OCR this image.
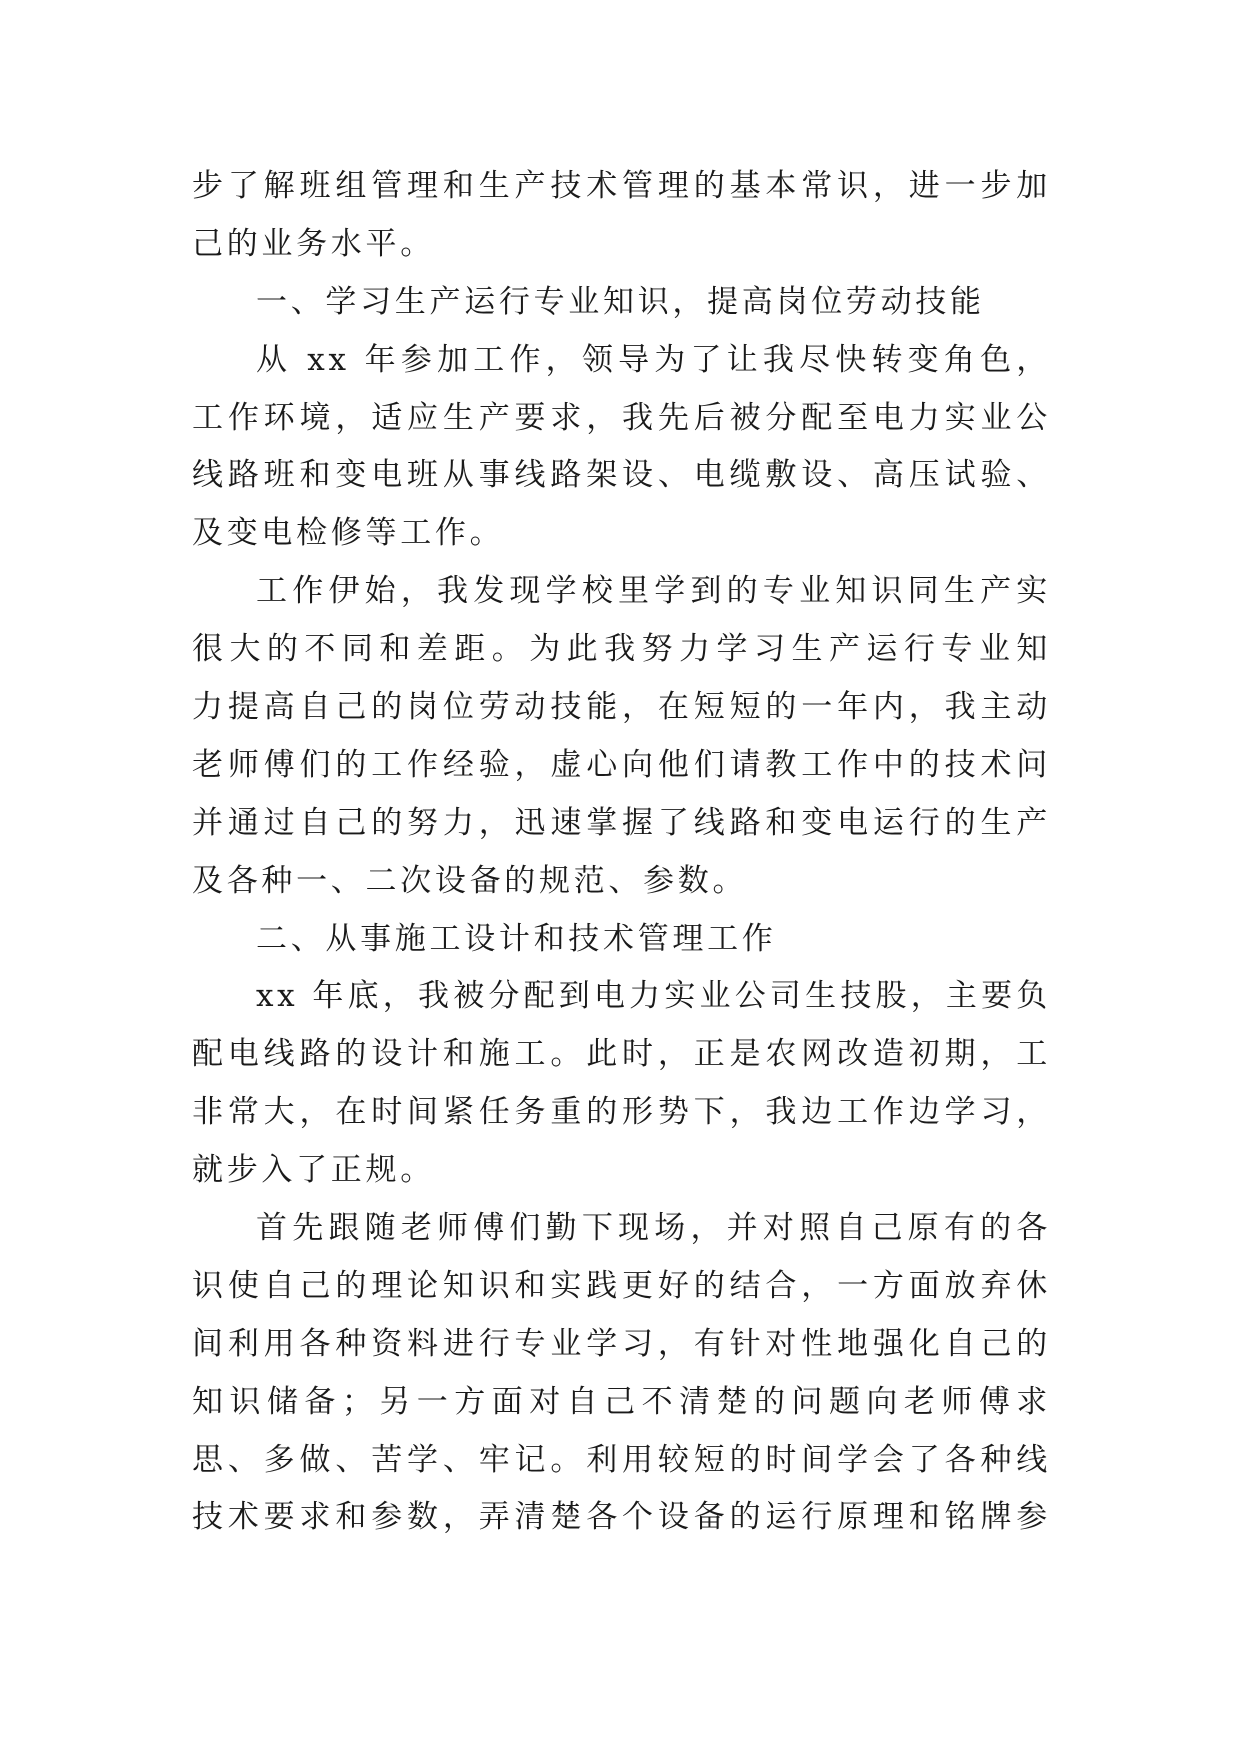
步了解班组管理和生产技术管理的基本常识，进一步加
己的业务水平。
一、学习生产运行专业知识，提高岗位劳动技能
从 xx 年参加工作，领导为了让我尽快转变角色，
工作环境，适应生产要求，我先后被分配至电力实业公
线路班和变电班从事线路架设、电缆敷设、高压试验、
及变电检修等工作。
工作伊始，我发现学校里学到的专业知识同生产实
很大的不同和差距。为此我努力学习生产运行专业知
力提高自己的岗位劳动技能，在短短的一年内，我主动
老师傅们的工作经验，虚心向他们请教工作中的技术问
并通过自己的努力，迅速掌握了线路和变电运行的生产
及各种一、二次设备的规范、参数。
二、从事施工设计和技术管理工作
xx 年底，我被分配到电力实业公司生技股，主要负
配电线路的设计和施工。此时，正是农网改造初期，工
非常大，在时间紧任务重的形势下，我边工作边学习，
就步入了正规。
首先跟随老师傅们勤下现场，并对照自己原有的各
识使自己的理论知识和实践更好的结合，一方面放弃休
间利用各种资料进行专业学习，有针对性地强化自己的
知识储备；另一方面对自己不清楚的问题向老师傅求
思、多做、苦学、牢记。利用较短的时间学会了各种线
技术要求和参数，弄清楚各个设备的运行原理和铭牌参
